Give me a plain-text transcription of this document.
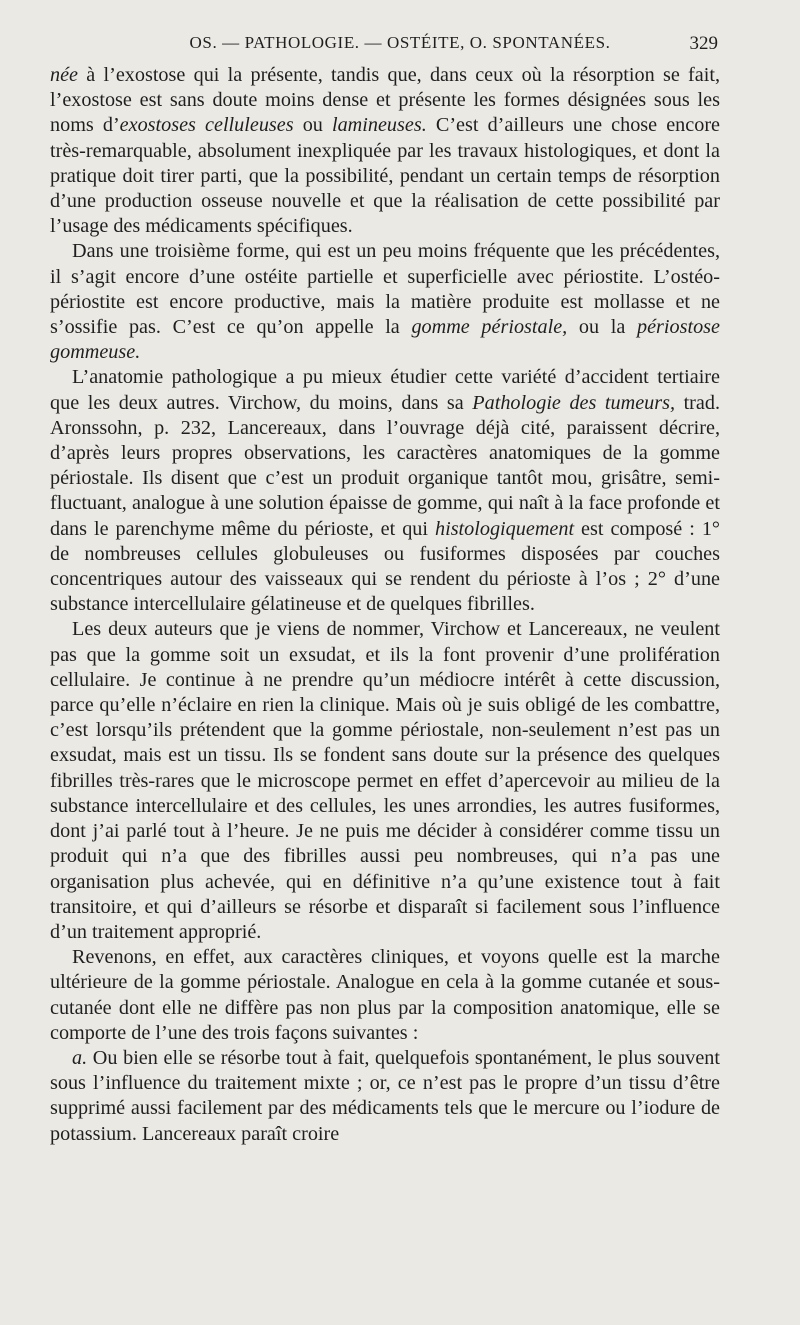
OS. — PATHOLOGIE. — OSTÉITE, O. SPONTANÉES.	329

née à l’exostose qui la présente, tandis que, dans ceux où la résorption se fait, l’exostose est sans doute moins dense et présente les formes désignées sous les noms d’exostoses celluleuses ou lamineuses. C’est d’ailleurs une chose encore très-remarquable, absolument inexpliquée par les travaux histologiques, et dont la pratique doit tirer parti, que la possibilité, pendant un certain temps de résorption d’une production osseuse nouvelle et que la réalisation de cette possibilité par l’usage des médicaments spécifiques.

Dans une troisième forme, qui est un peu moins fréquente que les précédentes, il s’agit encore d’une ostéite partielle et superficielle avec périostite. L’ostéo-périostite est encore productive, mais la matière produite est mollasse et ne s’ossifie pas. C’est ce qu’on appelle la gomme périostale, ou la périostose gommeuse.

L’anatomie pathologique a pu mieux étudier cette variété d’accident tertiaire que les deux autres. Virchow, du moins, dans sa Pathologie des tumeurs, trad. Aronssohn, p. 232, Lancereaux, dans l’ouvrage déjà cité, paraissent décrire, d’après leurs propres observations, les caractères anatomiques de la gomme périostale. Ils disent que c’est un produit organique tantôt mou, grisâtre, semi-fluctuant, analogue à une solution épaisse de gomme, qui naît à la face profonde et dans le parenchyme même du périoste, et qui histologiquement est composé : 1° de nombreuses cellules globuleuses ou fusiformes disposées par couches concentriques autour des vaisseaux qui se rendent du périoste à l’os ; 2° d’une substance intercellulaire gélatineuse et de quelques fibrilles.

Les deux auteurs que je viens de nommer, Virchow et Lancereaux, ne veulent pas que la gomme soit un exsudat, et ils la font provenir d’une prolifération cellulaire. Je continue à ne prendre qu’un médiocre intérêt à cette discussion, parce qu’elle n’éclaire en rien la clinique. Mais où je suis obligé de les combattre, c’est lorsqu’ils prétendent que la gomme périostale, non-seulement n’est pas un exsudat, mais est un tissu. Ils se fondent sans doute sur la présence des quelques fibrilles très-rares que le microscope permet en effet d’apercevoir au milieu de la substance intercellulaire et des cellules, les unes arrondies, les autres fusiformes, dont j’ai parlé tout à l’heure. Je ne puis me décider à considérer comme tissu un produit qui n’a que des fibrilles aussi peu nombreuses, qui n’a pas une organisation plus achevée, qui en définitive n’a qu’une existence tout à fait transitoire, et qui d’ailleurs se résorbe et disparaît si facilement sous l’influence d’un traitement approprié.

Revenons, en effet, aux caractères cliniques, et voyons quelle est la marche ultérieure de la gomme périostale. Analogue en cela à la gomme cutanée et sous-cutanée dont elle ne diffère pas non plus par la composition anatomique, elle se comporte de l’une des trois façons suivantes :

a. Ou bien elle se résorbe tout à fait, quelquefois spontanément, le plus souvent sous l’influence du traitement mixte ; or, ce n’est pas le propre d’un tissu d’être supprimé aussi facilement par des médicaments tels que le mercure ou l’iodure de potassium. Lancereaux paraît croire
